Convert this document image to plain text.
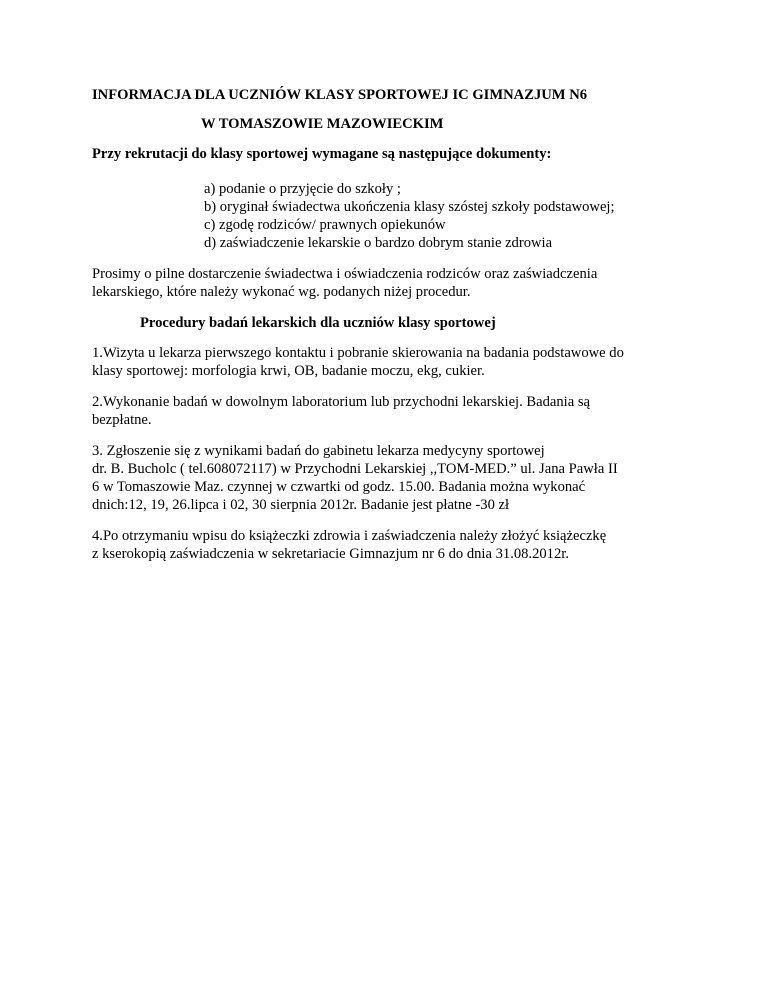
INFORMACJA DLA UCZNIÓW KLASY SPORTOWEJ IC GIMNAZJUM N6
W TOMASZOWIE MAZOWIECKIM
Przy rekrutacji do klasy sportowej wymagane są następujące dokumenty:
a) podanie o przyjęcie do szkoły ;
b) oryginał świadectwa ukończenia klasy szóstej szkoły podstawowej;
c) zgodę rodziców/ prawnych opiekunów
d) zaświadczenie lekarskie o bardzo dobrym stanie zdrowia
Prosimy o pilne dostarczenie świadectwa i oświadczenia rodziców oraz zaświadczenia
lekarskiego, które należy wykonać wg. podanych niżej procedur.
Procedury badań lekarskich dla uczniów klasy sportowej
1.Wizyta u lekarza pierwszego kontaktu i pobranie skierowania na badania podstawowe do
klasy sportowej: morfologia krwi, OB, badanie moczu, ekg, cukier.
2.Wykonanie badań w dowolnym laboratorium lub przychodni lekarskiej. Badania są
bezpłatne.
3. Zgłoszenie się z wynikami badań do gabinetu lekarza medycyny sportowej
dr. B. Bucholc ( tel.608072117) w Przychodni Lekarskiej ,,TOM-MED.” ul. Jana Pawła II
6 w Tomaszowie Maz. czynnej w czwartki od godz. 15.00. Badania można wykonać
dnich:12, 19, 26.lipca i 02, 30 sierpnia 2012r. Badanie jest płatne -30 zł
4.Po otrzymaniu wpisu do książeczki zdrowia i zaświadczenia należy złożyć książeczkę
z kserokopią zaświadczenia w sekretariacie Gimnazjum nr 6 do dnia 31.08.2012r.
